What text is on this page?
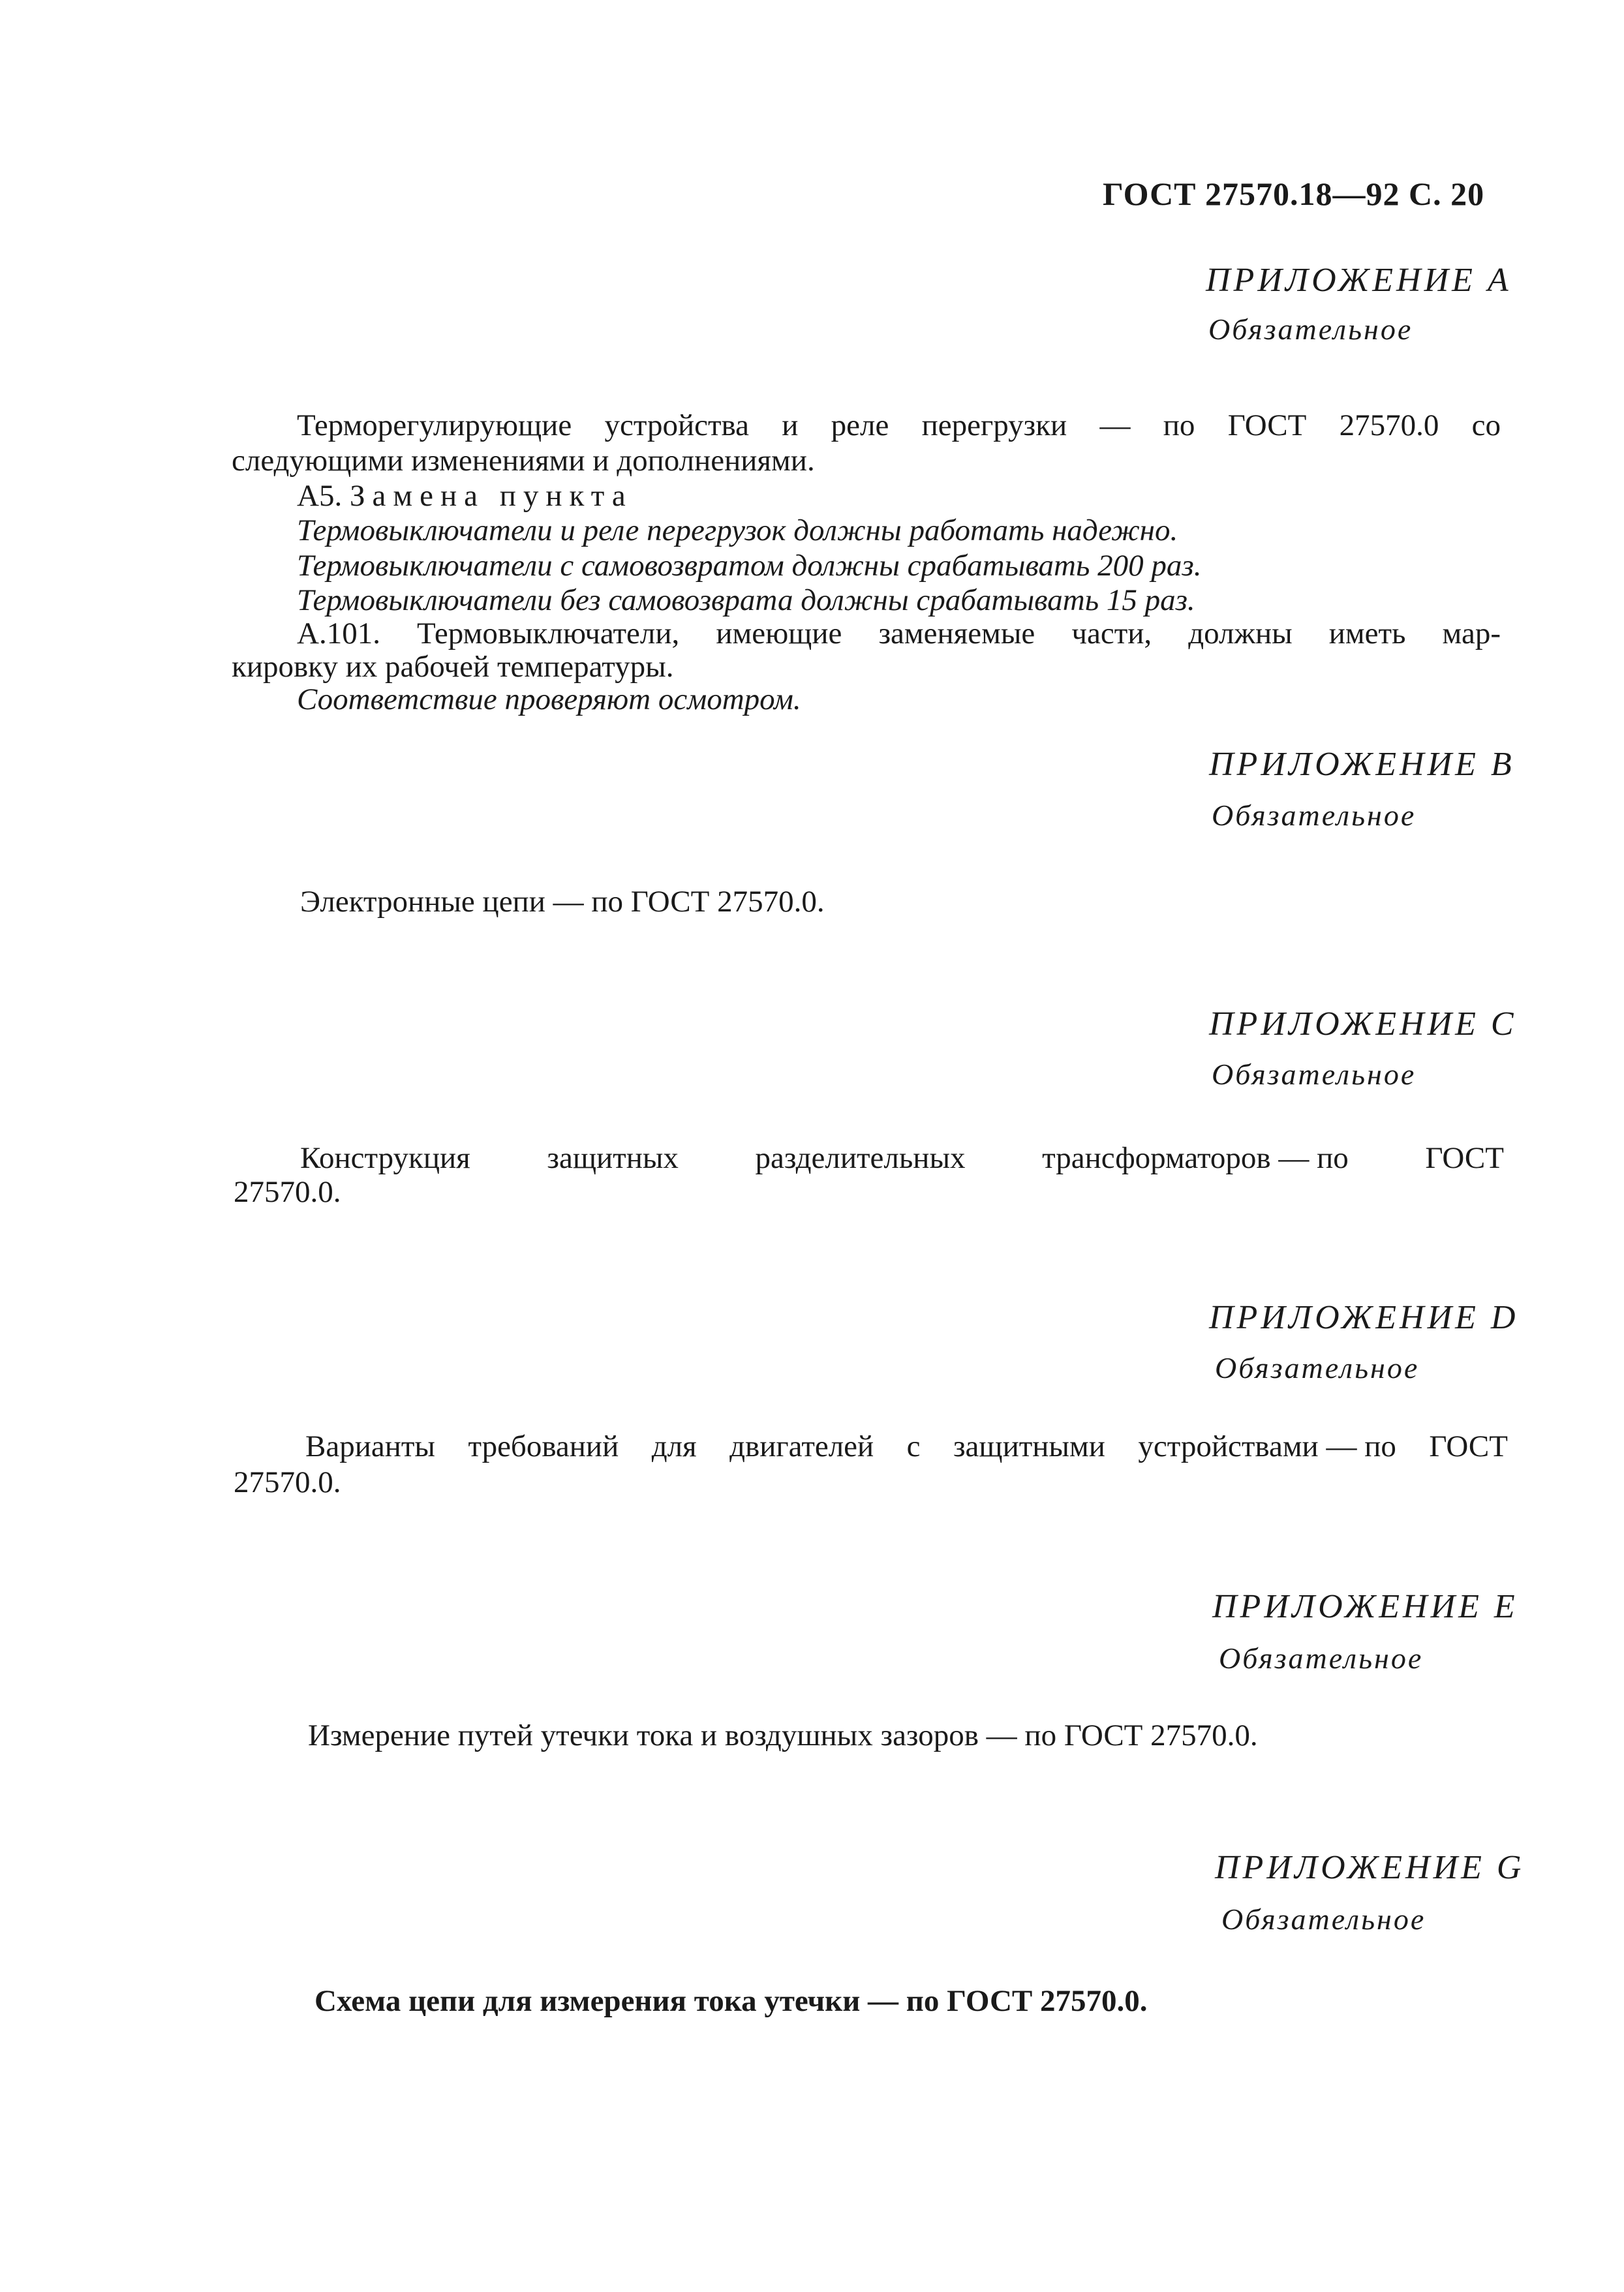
ГОСТ 27570.18—92 С. 20
ПРИЛОЖЕНИЕ А
Обязательное
Терморегулирующие устройства и реле перегрузки — по ГОСТ 27570.0 со
следующими изменениями и дополнениями.
А5. Замена пункта
Термовыключатели и реле перегрузок должны работать надежно.
Термовыключатели с самовозвратом должны срабатывать 200 раз.
Термовыключатели без самовозврата должны срабатывать 15 раз.
А.101. Термовыключатели, имеющие заменяемые части, должны иметь мар-
кировку их рабочей температуры.
Соответствие проверяют осмотром.
ПРИЛОЖЕНИЕ В
Обязательное
Электронные цепи — по ГОСТ 27570.0.
ПРИЛОЖЕНИЕ С
Обязательное
Конструкция	защитных	разделительных	трансформаторов — по	ГОСТ
27570.0.
ПРИЛОЖЕНИЕ D
Обязательное
Варианты требований для двигателей с защитными устройствами — по ГОСТ
27570.0.
ПРИЛОЖЕНИЕ Е
Обязательное
Измерение путей утечки тока и воздушных зазоров — по ГОСТ 27570.0.
ПРИЛОЖЕНИЕ G
Обязательное
Схема цепи для измерения тока утечки — по ГОСТ 27570.0.
